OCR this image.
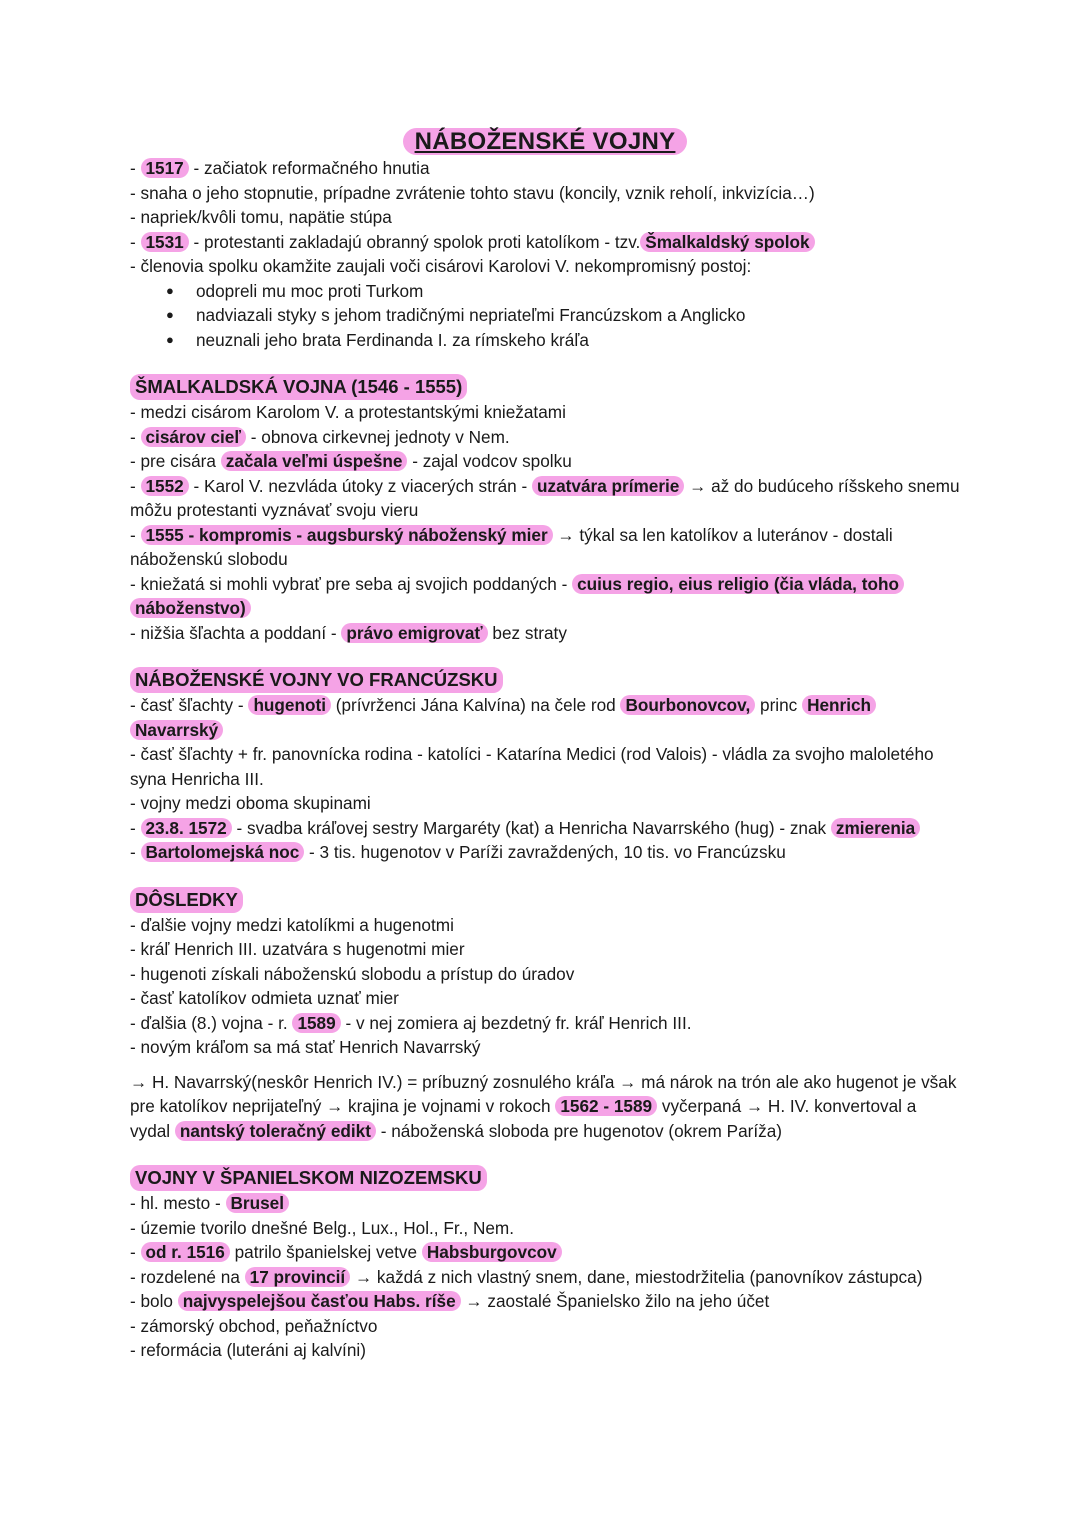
NÁBOŽENSKÉ VOJNY

- 1517 - začiatok reformačného hnutia

- snaha o jeho stopnutie, prípadne zvrátenie tohto stavu (koncily, vznik reholí, inkvizícia…)

- napriek/kvôli tomu, napätie stúpa

- 1531 - protestanti zakladajú obranný spolok proti katolíkom - tzv. Šmalkaldský spolok

- členovia spolku okamžite zaujali voči cisárovi Karolovi V. nekompromisný postoj:

● odopreli mu moc proti Turkom
● nadviazali styky s jehom tradičnými nepriateľmi Francúzskom a Anglicko
● neuznali jeho brata Ferdinanda I. za rímskeho kráľa
ŠMALKALDSKÁ VOJNA (1546 - 1555)

- medzi cisárom Karolom V. a protestantskými kniežatami

- cisárov cieľ - obnova cirkevnej jednoty v Nem.

- pre cisára začala veľmi úspešne - zajal vodcov spolku

- 1552 - Karol V. nezvláda útoky z viacerých strán - uzatvára prímerie → až do budúceho ríšskeho snemu môžu protestanti vyznávať svoju vieru

- 1555 - kompromis - augsburský náboženský mier → týkal sa len katolíkov a luteránov - dostali náboženskú slobodu

- kniežatá si mohli vybrať pre seba aj svojich poddaných - cuius regio, eius religio (čia vláda, toho náboženstvo)

- nižšia šľachta a poddaní - právo emigrovať bez straty

NÁBOŽENSKÉ VOJNY VO FRANCÚZSKU

- časť šľachty - hugenoti (prívrženci Jána Kalvína) na čele rod Bourbonovcov, princ Henrich Navarrský

- časť šľachty + fr. panovnícka rodina - katolíci - Katarína Medici (rod Valois) - vládla za svojho maloletého syna Henricha III.

- vojny medzi oboma skupinami

- 23.8. 1572 - svadba kráľovej sestry Margaréty (kat) a Henricha Navarrského (hug) - znak zmierenia

- Bartolomejská noc - 3 tis. hugenotov v Paríži zavraždených, 10 tis. vo Francúzsku

DÔSLEDKY

- ďalšie vojny medzi katolíkmi a hugenotmi

- kráľ Henrich III. uzatvára s hugenotmi mier

- hugenoti získali náboženskú slobodu a prístup do úradov

- časť katolíkov odmieta uznať mier

- ďalšia (8.) vojna - r. 1589 - v nej zomiera aj bezdetný fr. kráľ Henrich III.

- novým kráľom sa má stať Henrich Navarrský

→ H. Navarrský(neskôr Henrich IV.) = príbuzný zosnulého kráľa → má nárok na trón ale ako hugenot je však pre katolíkov neprijateľný → krajina je vojnami v rokoch 1562 - 1589 vyčerpaná → H. IV. konvertoval a vydal nantský toleračný edikt - náboženská sloboda pre hugenotov (okrem Paríža)

VOJNY V ŠPANIELSKOM NIZOZEMSKU

- hl. mesto - Brusel

- územie tvorilo dnešné Belg., Lux., Hol., Fr., Nem.

- od r. 1516 patrilo španielskej vetve Habsburgovcov

- rozdelené na 17 provincií → každá z nich vlastný snem, dane, miestodržitelia (panovníkov zástupca)

- bolo najvyspelejšou časťou Habs. ríše → zaostalé Španielsko žilo na jeho účet

- zámorský obchod, peňažníctvo

- reformácia (luteráni aj kalvíni)
